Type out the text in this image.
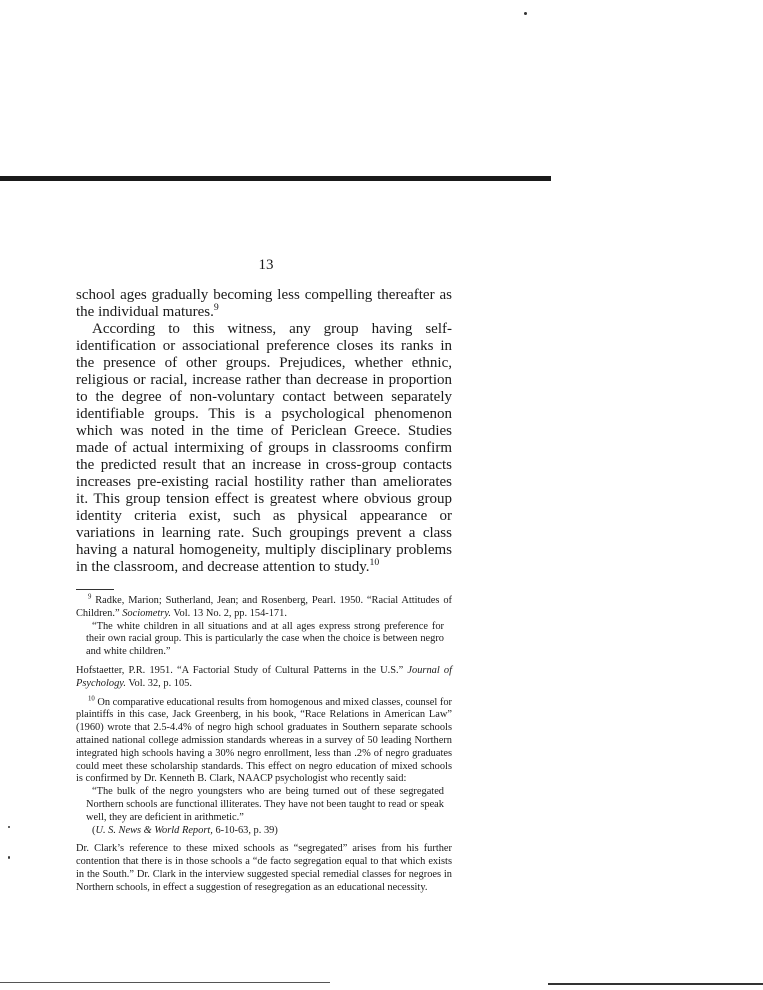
13

school ages gradually becoming less compelling thereafter as the individual matures.$^9$

According to this witness, any group having self-identification or associational preference closes its ranks in the presence of other groups. Prejudices, whether ethnic, religious or racial, increase rather than decrease in proportion to the degree of non-voluntary contact between separately identifiable groups. This is a psychological phenomenon which was noted in the time of Periclean Greece. Studies made of actual intermixing of groups in classrooms confirm the predicted result that an increase in cross-group contacts increases pre-existing racial hostility rather than ameliorates it. This group tension effect is greatest where obvious group identity criteria exist, such as physical appearance or variations in learning rate. Such groupings prevent a class having a natural homogeneity, multiply disciplinary problems in the classroom, and decrease attention to study.$^{10}$

$^9$ Radke, Marion; Sutherland, Jean; and Rosenberg, Pearl. 1950. “Racial Attitudes of Children.” Sociometry. Vol. 13 No. 2, pp. 154-171.

“The white children in all situations and at all ages express strong preference for their own racial group. This is particularly the case when the choice is between negro and white children.”

Hofstaetter, P.R. 1951. “A Factorial Study of Cultural Patterns in the U.S.” Journal of Psychology. Vol. 32, p. 105.

$^{10}$ On comparative educational results from homogenous and mixed classes, counsel for plaintiffs in this case, Jack Greenberg, in his book, “Race Relations in American Law” (1960) wrote that 2.5-4.4% of negro high school graduates in Southern separate schools attained national college admission standards whereas in a survey of 50 leading Northern integrated high schools having a 30% negro enrollment, less than .2% of negro graduates could meet these scholarship standards. This effect on negro education of mixed schools is confirmed by Dr. Kenneth B. Clark, NAACP psychologist who recently said:

“The bulk of the negro youngsters who are being turned out of these segregated Northern schools are functional illiterates. They have not been taught to read or speak well, they are deficient in arithmetic.”

(U. S. News & World Report, 6-10-63, p. 39)

Dr. Clark’s reference to these mixed schools as “segregated” arises from his further contention that there is in those schools a “de facto segregation equal to that which exists in the South.” Dr. Clark in the interview suggested special remedial classes for negroes in Northern schools, in effect a suggestion of resegregation as an educational necessity.
